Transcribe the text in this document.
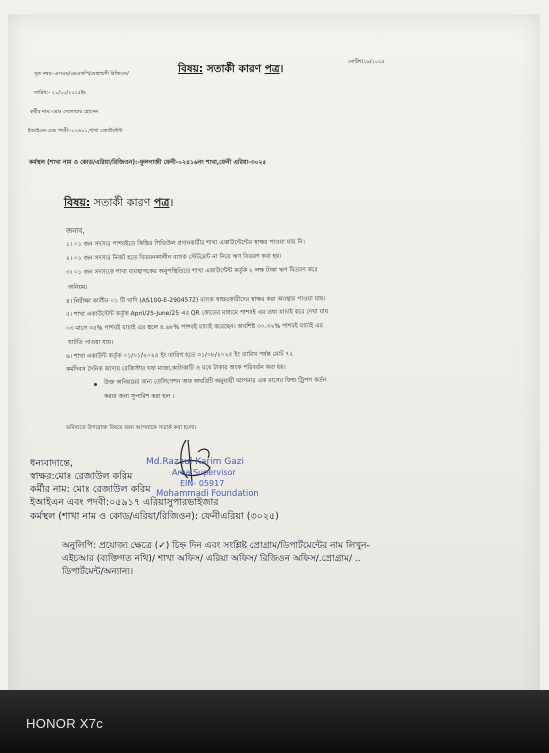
সূত্র নম্বর:-এসএম/এমএফপি/মোহাম্মদী রিজিওন/	বিষয়: সতার্কী কারণ পত্র।
নোটিশ/১৬/২০২৫
তারিখ:- ২১/১০/২০২৫ইং
কর্মীর নাম:-মোঃ দেলোয়ার হোসেন
ইআইএন এবং পদবী:-০২৬০১,শাখা একাউন্টেন্ট
কর্মস্থল (শাখা নাম ও কোড/এরিয়া/রিজিওন):-ফুলগাজী ফেনী-০২৪১৬নং শাখা,ফেনী এরিয়া-৩০২৫
বিষয়: সতার্কী কারণ পত্র।
জনাব,
১। ০১ জন সদস্যর পাশবইতে কিস্তির পিডিউল প্রদানকারীর শাখা একাউন্টেন্টের স্বাক্ষর পাওয়া যায় নি।
২। ০১ জন সদস্যর নিকট হতে বিতরনকালীন ব্যাংক স্টেটমেন্ট না নিয়ে ঋণ বিতরণ করা হয়।
৩। ০১ জন সদস্যকে শাখা ব্যবস্থাপকের অনুপস্থিতিতে শাখা একাউন্টেন্ট কর্তৃক ২ লক্ষ টাকা ঋণ বিতরণ করে
অনিয়ম।
৪। নিরীক্ষা কালীন ০১ টি খাদি (AS100-E-2904572) ব্যাংক স্বাক্ষরকারীদের স্বাক্ষর করা অবস্থায় পাওয়া যায়।
৫। শাখা একাউন্টেন্ট কর্তৃক April/25-June/25 এর QR কোডের মাধ্যমে পাশবই এর তথ্য যাচাই করে দেখা যায়
০৩ মাসে ৩৫% পাশবই যাচাই এর স্থলে ৪.৬৮% পাশবই যাচাই করেছেন। অবশিষ্ট ৩০.৩২% পাশবই যাচাই এর
ঘাটতি পাওয়া যায়।
৬। শাখা একাউন্ট কর্তৃক ০১/০১/২০২৫ ইং তারিখ হতে ৩১/০৮/২০২৫ ইং তারিখ পর্যন্ত মোট ৭২
কর্মদিবস দৈনিক আদায় রেজিস্টার ঘষা মাজা,কাটাকাটি ও ঘষে টাকার অংক পরিবর্তন করা হয়।
উক্ত অনিয়মের জন্য ডেলিগেশন অফ অথরিটি অনুযায়ী আপনার এক মাসের ফিল্ড ট্রিপস কর্তন
করার জন্য সুপারিশ করা হল ।
ভবিষ্যতে উপরোক্ত বিষয়ে জন্য আপনাকে সতার্ক করা হলো।
ধন্যবাদান্তে,	Md.Razaul Karim Gazi
Area Supervisor
স্বাক্ষর:মোঃ রেজাউল করিম
EIN- 05917
কর্মীর নাম: মোঃ রেজাউল করিম Mohammadi Foundation
ইআইএন এবং পদবী:০৫৯১৭ এরিয়াসুপারভাইজার
কর্মস্থল (শাখা নাম ও কোড/এরিয়া/রিজিওন): ফেনীএরিয়া (৩০২৫)
অনুলিপি: প্রযোজ্য ক্ষেত্রে (✓) চিহ্ন দিন এবং সংশ্লিষ্ট প্রোগ্রাম/ডিপার্টমেন্টের নাম লিখুন-
এইচআর (ব্যক্তিগত নথি)/ শাখা অফিস/ এরিয়া অফিস/ রিজিওন অফিস/.প্রোগ্রাম/ ..
ডিপার্টমেন্ট/অন্যান্য।
HONOR X7c
